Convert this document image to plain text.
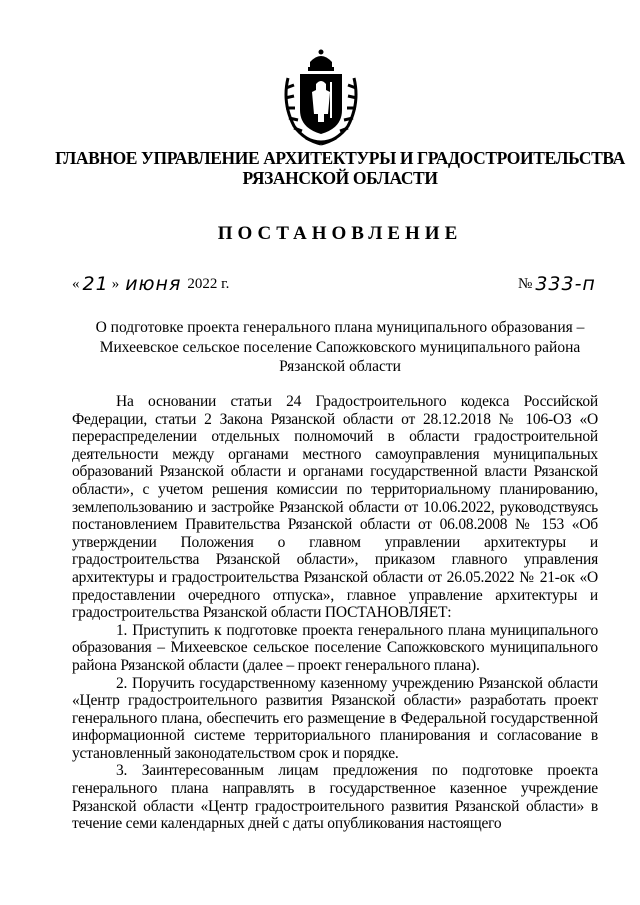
ГЛАВНОЕ УПРАВЛЕНИЕ АРХИТЕКТУРЫ И ГРАДОСТРОИТЕЛЬСТВА
РЯЗАНСКОЙ ОБЛАСТИ
ПОСТАНОВЛЕНИЕ
« 21 » июня 2022 г.	№ 333-п
О подготовке проекта генерального плана муниципального образования –
Михеевское сельское поселение Сапожковского муниципального района
Рязанской области

На основании статьи 24 Градостроительного кодекса Российской Федерации, статьи 2 Закона Рязанской области от 28.12.2018 № 106-ОЗ «О перераспределении отдельных полномочий в области градостроительной деятельности между органами местного самоуправления муниципальных образований Рязанской области и органами государственной власти Рязанской области», с учетом решения комиссии по территориальному планированию, землепользованию и застройке Рязанской области от 10.06.2022, руководствуясь постановлением Правительства Рязанской области от 06.08.2008 № 153 «Об утверждении Положения о главном управлении архитектуры и градостроительства Рязанской области», приказом главного управления архитектуры и градостроительства Рязанской области от 26.05.2022 № 21-ок «О предоставлении очередного отпуска», главное управление архитектуры и градостроительства Рязанской области ПОСТАНОВЛЯЕТ:

1. Приступить к подготовке проекта генерального плана муниципального образования – Михеевское сельское поселение Сапожковского муниципального района Рязанской области (далее – проект генерального плана).

2. Поручить государственному казенному учреждению Рязанской области «Центр градостроительного развития Рязанской области» разработать проект генерального плана, обеспечить его размещение в Федеральной государственной информационной системе территориального планирования и согласование в установленный законодательством срок и порядке.

3. Заинтересованным лицам предложения по подготовке проекта генерального плана направлять в государственное казенное учреждение Рязанской области «Центр градостроительного развития Рязанской области» в течение семи календарных дней с даты опубликования настоящего
